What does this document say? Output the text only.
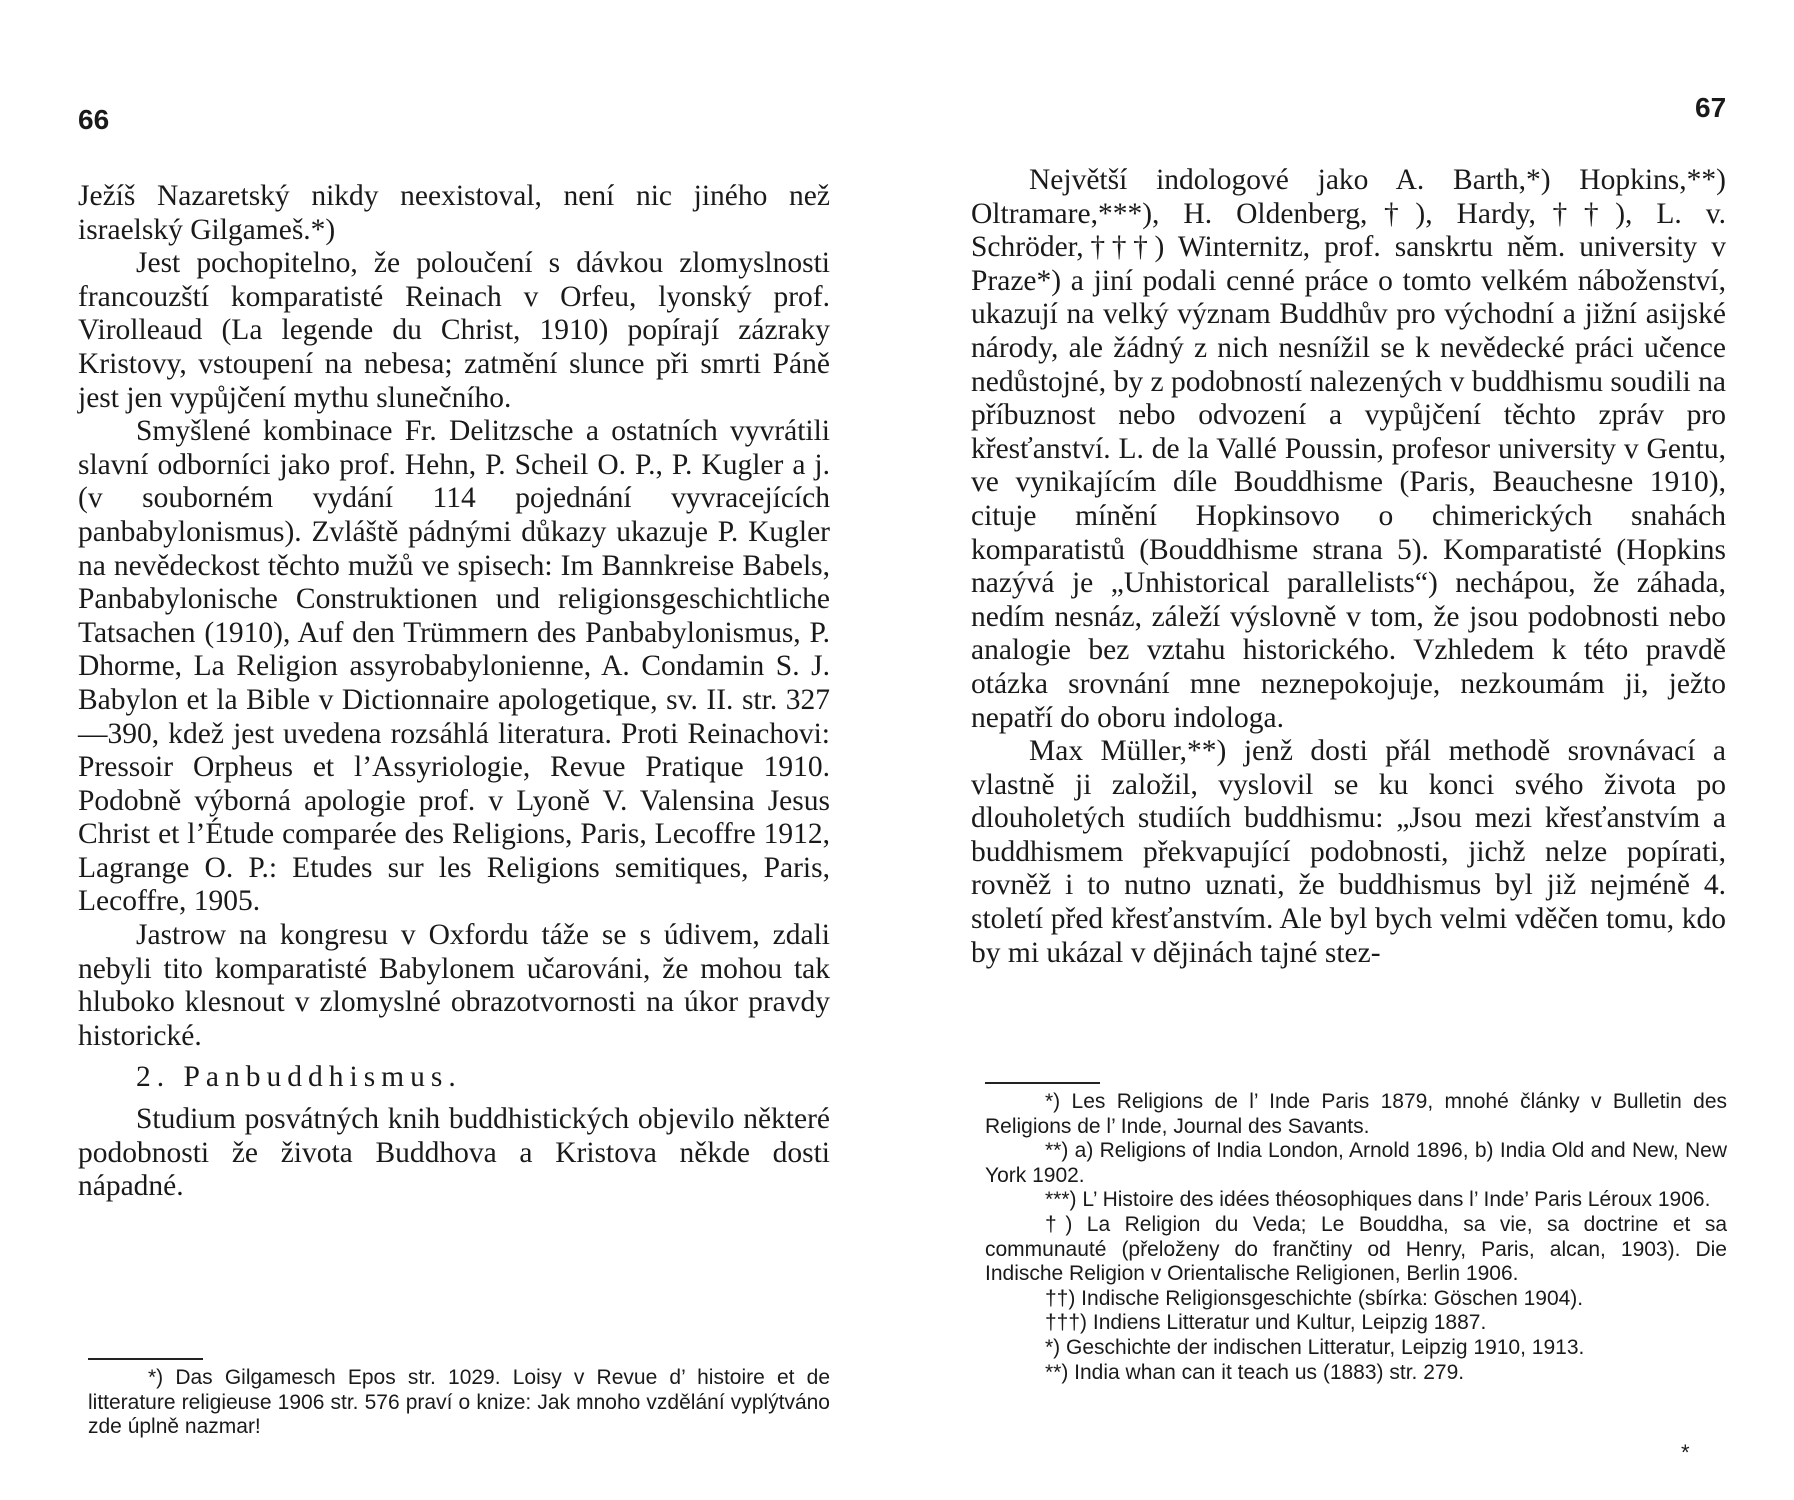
66

Ježíš Nazaretský nikdy neexistoval, není nic jiného než israelský Gilgameš.*)

Jest pochopitelno, že poloučení s dávkou zlomyslnosti francouzští komparatisté Reinach v Orfeu, lyonský prof. Virolleaud (La legende du Christ, 1910) popírají zázraky Kristovy, vstoupení na nebesa; zatmění slunce při smrti Páně jest jen vypůjčení mythu slunečního.

Smyšlené kombinace Fr. Delitzsche a ostatních vyvrátili slavní odborníci jako prof. Hehn, P. Scheil O. P., P. Kugler a j. (v souborném vydání 114 pojednání vyvracejících panbabylonismus). Zvláště pádnými důkazy ukazuje P. Kugler na nevědeckost těchto mužů ve spisech: Im Bannkreise Babels, Panbabylonische Construktionen und religionsgeschichtliche Tatsachen (1910), Auf den Trümmern des Panbabylonismus, P. Dhorme, La Religion assyrobabylonienne, A. Condamin S. J. Babylon et la Bible v Dictionnaire apologetique, sv. II. str. 327—390, kdež jest uvedena rozsáhlá literatura. Proti Reinachovi: Pressoir Orpheus et l’Assyriologie, Revue Pratique 1910. Podobně výborná apologie prof. v Lyoně V. Valensina Jesus Christ et l’Étude comparée des Religions, Paris, Lecoffre 1912, Lagrange O. P.: Etudes sur les Religions semitiques, Paris, Lecoffre, 1905.

Jastrow na kongresu v Oxfordu táže se s údivem, zdali nebyli tito komparatisté Babylonem učarováni, že mohou tak hluboko klesnout v zlomyslné obrazotvornosti na úkor pravdy historické.

2. Panbuddhismus.

Studium posvátných knih buddhistických objevilo některé podobnosti že života Buddhova a Kristova někde dosti nápadné.

*) Das Gilgamesch Epos str. 1029. Loisy v Revue d’ histoire et de litterature religieuse 1906 str. 576 praví o knize: Jak mnoho vzdělání vyplýtváno zde úplně nazmar!

67

Největší indologové jako A. Barth,*) Hopkins,**) Oltramare,***), H. Oldenberg,†), Hardy,††), L. v. Schröder,†††) Winternitz, prof. sanskrtu něm. university v Praze*) a jiní podali cenné práce o tomto velkém náboženství, ukazují na velký význam Buddhův pro východní a jižní asijské národy, ale žádný z nich nesnížil se k nevědecké práci učence nedůstojné, by z podobností nalezených v buddhismu soudili na příbuznost nebo odvození a vypůjčení těchto zpráv pro křesťanství. L. de la Vallé Poussin, profesor university v Gentu, ve vynikajícím díle Bouddhisme (Paris, Beauchesne 1910), cituje mínění Hopkinsovo o chimerických snahách komparatistů (Bouddhisme strana 5). Komparatisté (Hopkins nazývá je „Unhistorical parallelists“) nechápou, že záhada, nedím nesnáz, záleží výslovně v tom, že jsou podobnosti nebo analogie bez vztahu historického. Vzhledem k této pravdě otázka srovnání mne neznepokojuje, nezkoumám ji, ježto nepatří do oboru indologa.

Max Müller,**) jenž dosti přál methodě srovnávací a vlastně ji založil, vyslovil se ku konci svého života po dlouholetých studiích buddhismu: „Jsou mezi křesťanstvím a buddhismem překvapující podobnosti, jichž nelze popírati, rovněž i to nutno uznati, že buddhismus byl již nejméně 4. století před křesťanstvím. Ale byl bych velmi vděčen tomu, kdo by mi ukázal v dějinách tajné stez-

*) Les Religions de l’ Inde Paris 1879, mnohé články v Bulletin des Religions de l’ Inde, Journal des Savants.

**) a) Religions of India London, Arnold 1896, b) India Old and New, New York 1902.

***) L’ Histoire des idées théosophiques dans l’ Inde’ Paris Léroux 1906.

†) La Religion du Veda; Le Bouddha, sa vie, sa doctrine et sa communauté (přeloženy do frančtiny od Henry, Paris, alcan, 1903). Die Indische Religion v Orientalische Religionen, Berlin 1906.

††) Indische Religionsgeschichte (sbírka: Göschen 1904).

†††) Indiens Litteratur und Kultur, Leipzig 1887.

*) Geschichte der indischen Litteratur, Leipzig 1910, 1913.

**) India whan can it teach us (1883) str. 279.

*
